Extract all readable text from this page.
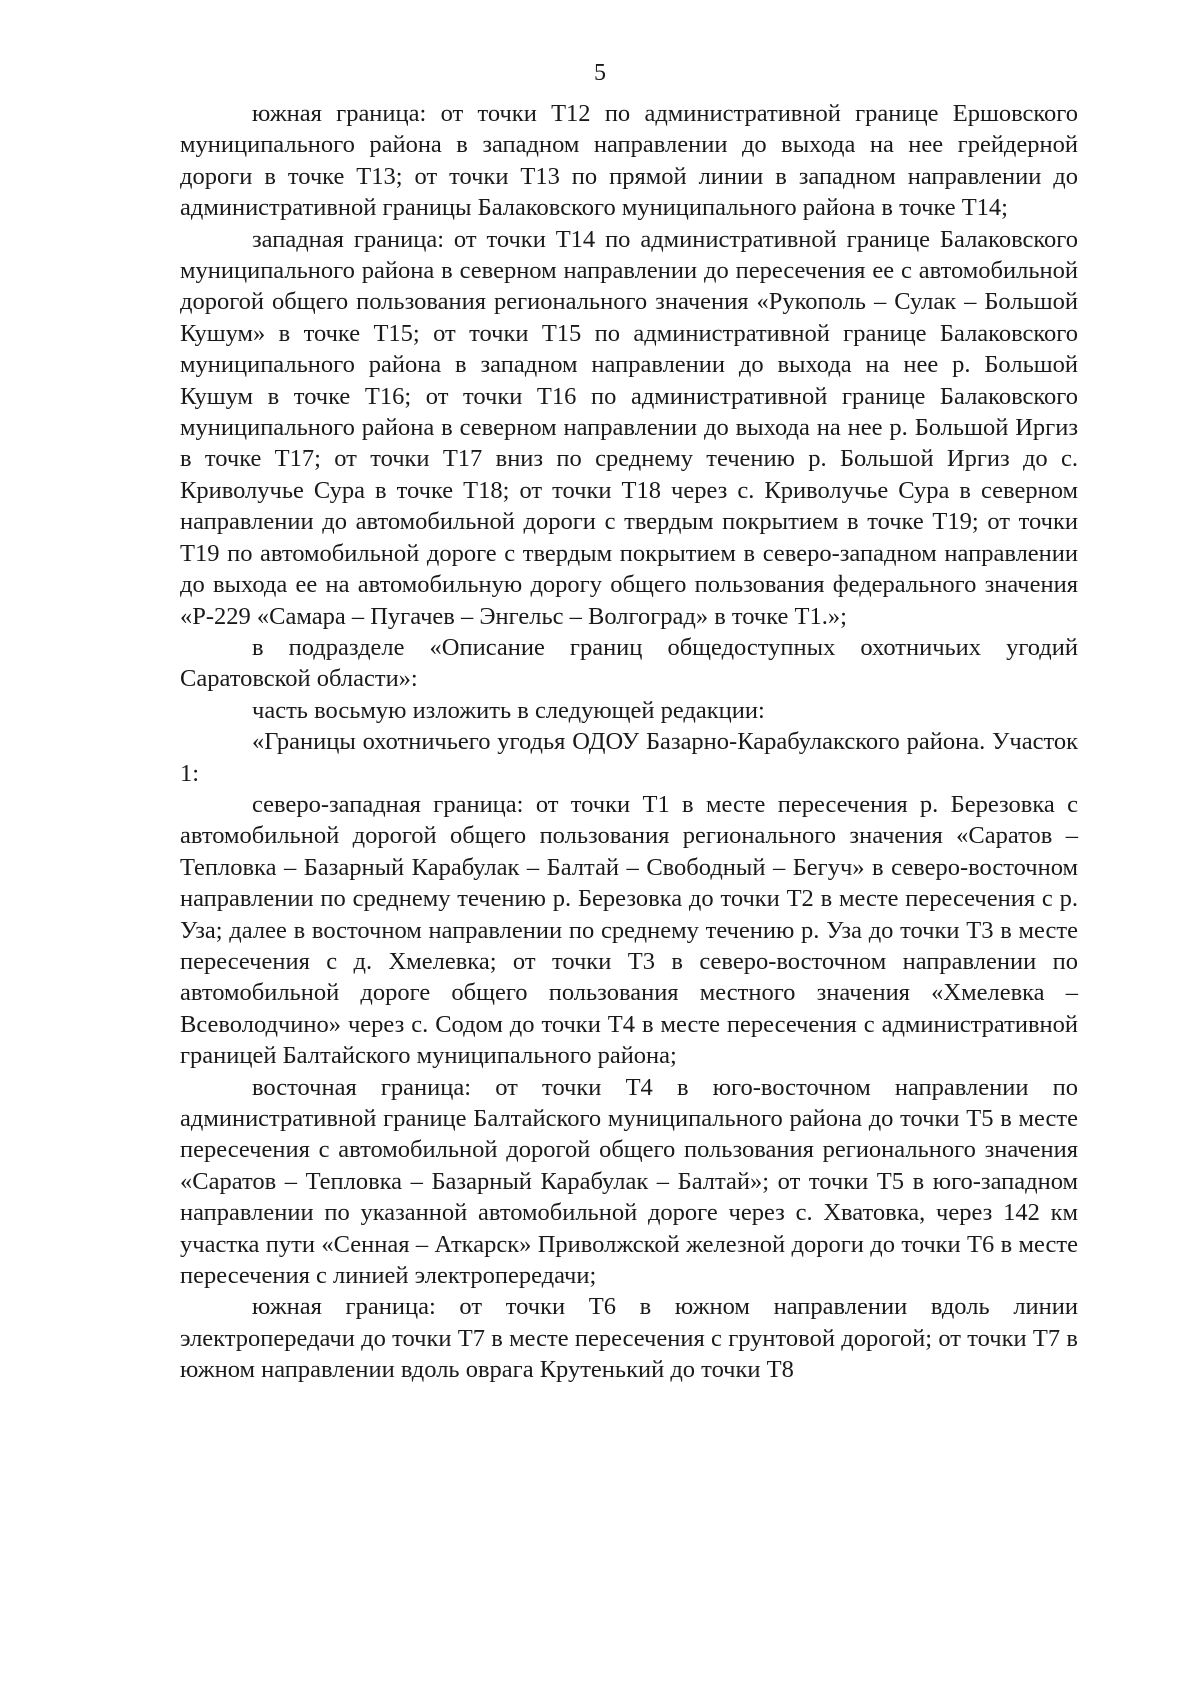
5

южная граница: от точки Т12 по административной границе Ершовского муниципального района в западном направлении до выхода на нее грейдерной дороги в точке Т13; от точки Т13 по прямой линии в западном направлении до административной границы Балаковского муниципального района в точке Т14;

западная граница: от точки Т14 по административной границе Балаковского муниципального района в северном направлении до пересечения ее с автомобильной дорогой общего пользования регионального значения «Рукополь – Сулак – Большой Кушум» в точке Т15; от точки Т15 по административной границе Балаковского муниципального района в западном направлении до выхода на нее р. Большой Кушум в точке Т16; от точки Т16 по административной границе Балаковского муниципального района в северном направлении до выхода на нее р. Большой Иргиз в точке Т17; от точки Т17 вниз по среднему течению р. Большой Иргиз до с. Криволучье Сура в точке Т18; от точки Т18 через с. Криволучье Сура в северном направлении до автомобильной дороги с твердым покрытием в точке Т19; от точки Т19 по автомобильной дороге с твердым покрытием в северо-западном направлении до выхода ее на автомобильную дорогу общего пользования федерального значения «Р-229 «Самара – Пугачев – Энгельс – Волгоград» в точке Т1.»;

в подразделе «Описание границ общедоступных охотничьих угодий Саратовской области»:

часть восьмую изложить в следующей редакции:

«Границы охотничьего угодья ОДОУ Базарно-Карабулакского района. Участок 1:

северо-западная граница: от точки Т1 в месте пересечения р. Березовка с автомобильной дорогой общего пользования регионального значения «Саратов – Тепловка – Базарный Карабулак – Балтай – Свободный – Бегуч» в северо-восточном направлении по среднему течению р. Березовка до точки Т2 в месте пересечения с р. Уза; далее в восточном направлении по среднему течению р. Уза до точки Т3 в месте пересечения с д. Хмелевка; от точки Т3 в северо-восточном направлении по автомобильной дороге общего пользования местного значения «Хмелевка – Всеволодчино» через с. Содом до точки Т4 в месте пересечения с административной границей Балтайского муниципального района;

восточная граница: от точки Т4 в юго-восточном направлении по административной границе Балтайского муниципального района до точки Т5 в месте пересечения с автомобильной дорогой общего пользования регионального значения «Саратов – Тепловка – Базарный Карабулак – Балтай»; от точки Т5 в юго-западном направлении по указанной автомобильной дороге через с. Хватовка, через 142 км участка пути «Сенная – Аткарск» Приволжской железной дороги до точки Т6 в месте пересечения с линией электропередачи;

южная граница: от точки Т6 в южном направлении вдоль линии электропередачи до точки Т7 в месте пересечения с грунтовой дорогой; от точки Т7 в южном направлении вдоль оврага Крутенький до точки Т8
